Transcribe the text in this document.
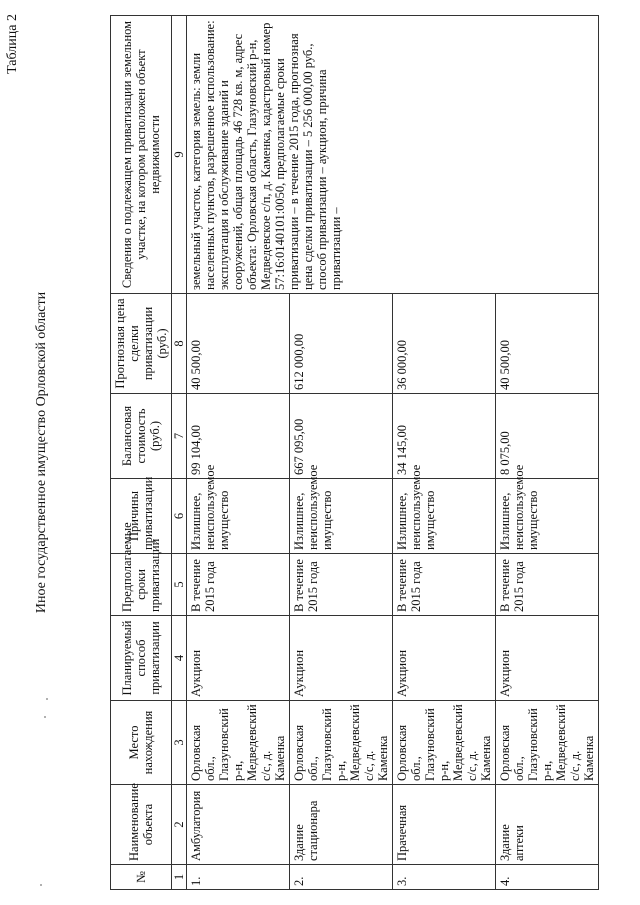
Таблица 2
Иное государственное имущество Орловской области
№	Наименование объекта	Место нахождения	Планируемый способ приватизации	Предполагаемые сроки приватизации	Причины приватизации	Балансовая стоимость (руб.)	Прогнозная цена сделки приватизации (руб.)	Сведения о подлежащем приватизации земельном участке, на котором расположен объект недвижимости
1	2	3	4	5	6	7	8	9
1.	Амбулатория	Орловская обл., Глазуновский р-н, Медведевский с/с, д. Каменка	Аукцион	В течение 2015 года	Излишнее, неиспользуемое имущество	99 104,00	40 500,00	земельный участок, категория земель: земли населенных пунктов, разрешенное использование: эксплуатация и обслуживание зданий и сооружений, общая площадь 46 728 кв. м, адрес объекта: Орловская область, Глазуновский р-н, Медведевское с/п, д. Каменка, кадастровый номер 57:16:0140101:0050, предполагаемые сроки приватизации – в течение 2015 года, прогнозная цена сделки приватизации – 5 256 000,00 руб., способ приватизации – аукцион, причина приватизации –
2.	Здание стационара	Орловская обл., Глазуновский р-н, Медведевский с/с, д. Каменка	Аукцион	В течение 2015 года	Излишнее, неиспользуемое имущество	667 095,00	612 000,00	
3.	Прачечная	Орловская обл., Глазуновский р-н, Медведевский с/с, д. Каменка	Аукцион	В течение 2015 года	Излишнее, неиспользуемое имущество	34 145,00	36 000,00	
4.	Здание аптеки	Орловская обл., Глазуновский р-н, Медведевский с/с, д. Каменка	Аукцион	В течение 2015 года	Излишнее, неиспользуемое имущество	8 075,00	40 500,00	
